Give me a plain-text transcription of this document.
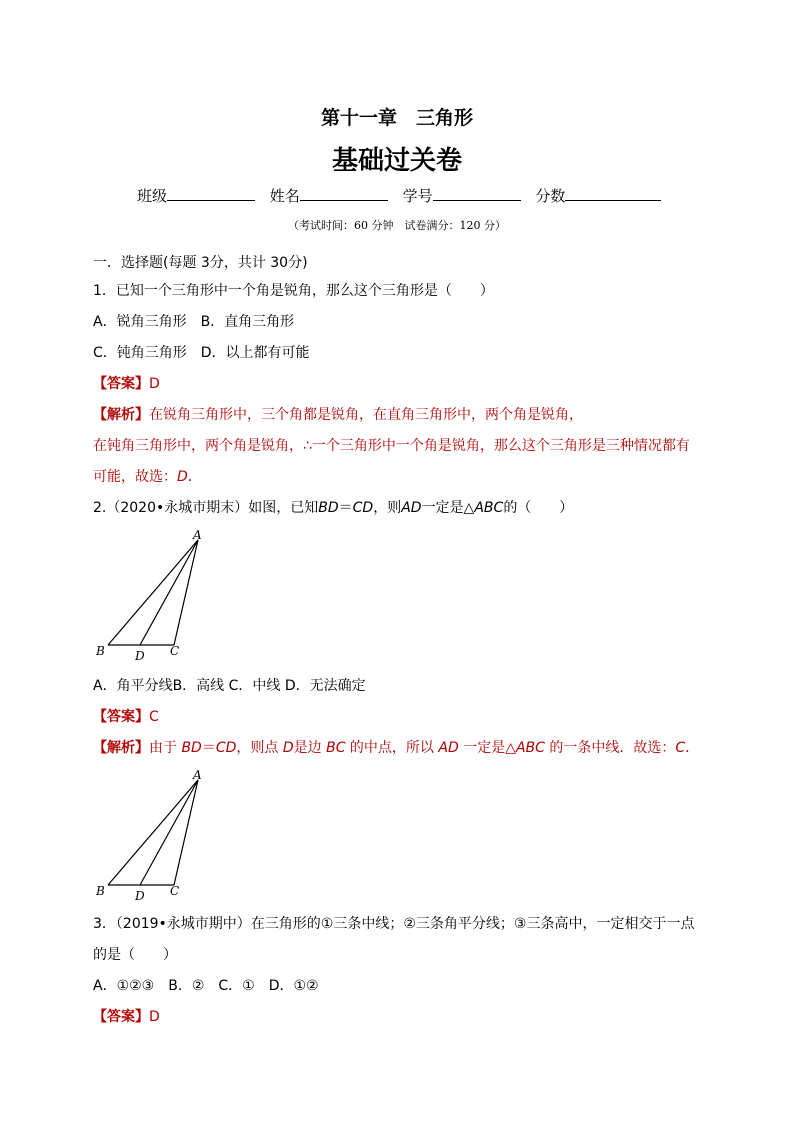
第十一章　三角形
基础过关卷
班级	姓名	学号	分数
（考试时间：60 分钟　试卷满分：120 分）
一．选择题(每题 3分，共计 30分)
1．已知一个三角形中一个角是锐角，那么这个三角形是（　　）
A．锐角三角形　B．直角三角形
C．钝角三角形　D．以上都有可能
【答案】D
【解析】在锐角三角形中，三个角都是锐角，在直角三角形中，两个角是锐角，
在钝角三角形中，两个角是锐角，∴一个三角形中一个角是锐角，那么这个三角形是三种情况都有
可能，故选：D．
2.（2020•永城市期末）如图，已知BD＝CD，则AD一定是△ABC的（　　）
A
B	D C
A．角平分线B．高线 C．中线 D．无法确定
【答案】C
【解析】由于 BD＝CD，则点 D是边 BC 的中点，所以 AD 一定是△ABC 的一条中线．故选：C．
A
B	D C
3．（2019•永城市期中）在三角形的①三条中线；②三条角平分线；③三条高中，一定相交于一点
的是（　　）
A．①②③　B．②　C．①　D．①②
【答案】D
